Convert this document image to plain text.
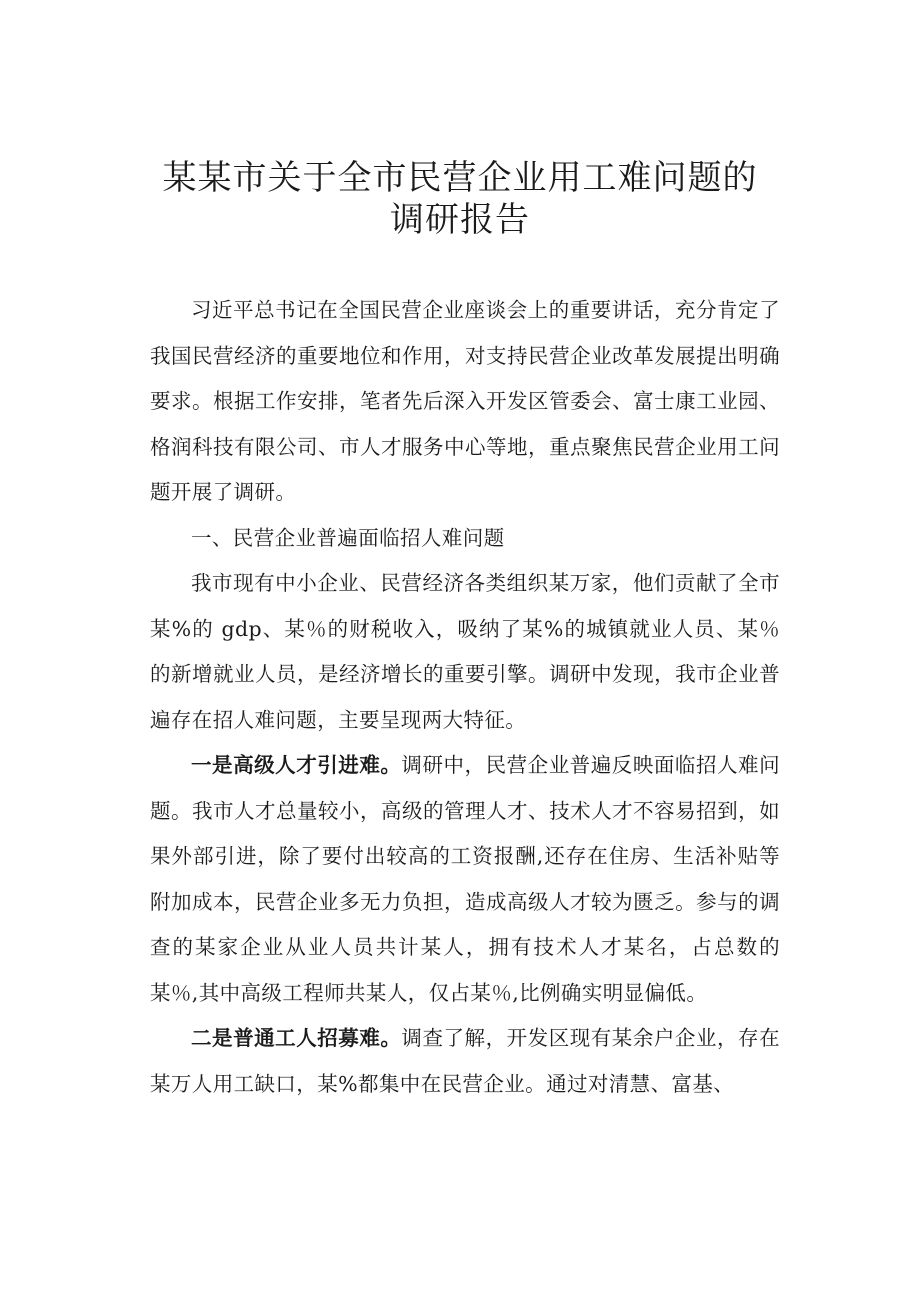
某某市关于全市民营企业用工难问题的
调研报告

习近平总书记在全国民营企业座谈会上的重要讲话，充分肯定了我国民营经济的重要地位和作用，对支持民营企业改革发展提出明确要求。根据工作安排，笔者先后深入开发区管委会、富士康工业园、格润科技有限公司、市人才服务中心等地，重点聚焦民营企业用工问题开展了调研。

一、民营企业普遍面临招人难问题

我市现有中小企业、民营经济各类组织某万家，他们贡献了全市某%的 gdp、某％的财税收入，吸纳了某%的城镇就业人员、某％的新增就业人员，是经济增长的重要引擎。调研中发现，我市企业普遍存在招人难问题，主要呈现两大特征。

一是高级人才引进难。调研中，民营企业普遍反映面临招人难问题。我市人才总量较小，高级的管理人才、技术人才不容易招到，如果外部引进，除了要付出较高的工资报酬,还存在住房、生活补贴等附加成本，民营企业多无力负担，造成高级人才较为匮乏。参与的调查的某家企业从业人员共计某人，拥有技术人才某名，占总数的某％,其中高级工程师共某人，仅占某％,比例确实明显偏低。

二是普通工人招募难。调查了解，开发区现有某余户企业，存在某万人用工缺口，某%都集中在民营企业。通过对清慧、富基、
